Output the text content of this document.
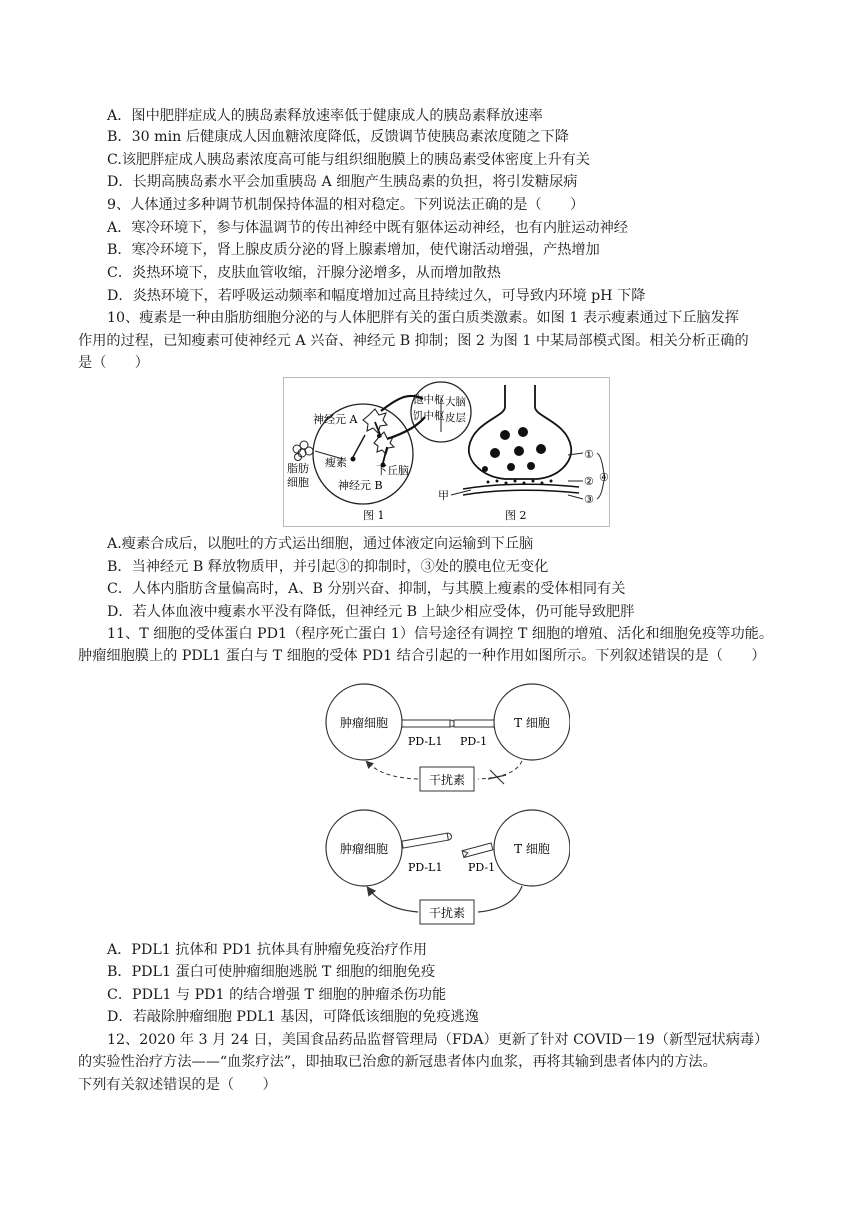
A．图中肥胖症成人的胰岛素释放速率低于健康成人的胰岛素释放速率
B．30 min 后健康成人因血糖浓度降低，反馈调节使胰岛素浓度随之下降
C.该肥胖症成人胰岛素浓度高可能与组织细胞膜上的胰岛素受体密度上升有关
D．长期高胰岛素水平会加重胰岛 A 细胞产生胰岛素的负担，将引发糖尿病
9、人体通过多种调节机制保持体温的相对稳定。下列说法正确的是（　　）
A．寒冷环境下，参与体温调节的传出神经中既有躯体运动神经，也有内脏运动神经
B．寒冷环境下，肾上腺皮质分泌的肾上腺素增加，使代谢活动增强，产热增加
C．炎热环境下，皮肤血管收缩，汗腺分泌增多，从而增加散热
D．炎热环境下，若呼吸运动频率和幅度增加过高且持续过久，可导致内环境 pH 下降
10、瘦素是一种由脂肪细胞分泌的与人体肥胖有关的蛋白质类激素。如图 1 表示瘦素通过下丘脑发挥
作用的过程，已知瘦素可使神经元 A 兴奋、神经元 B 抑制；图 2 为图 1 中某局部模式图。相关分析正确的
是（　　）
神经元 A
瘦素
下丘脑
神经元 B
脂肪
细胞
饱中枢
饥中枢
大脑
皮层
图 1
①
②
③
④
甲
图 2
A.瘦素合成后，以胞吐的方式运出细胞，通过体液定向运输到下丘脑
B．当神经元 B 释放物质甲，并引起③的抑制时，③处的膜电位无变化
C．人体内脂肪含量偏高时，A、B 分别兴奋、抑制，与其膜上瘦素的受体相同有关
D．若人体血液中瘦素水平没有降低，但神经元 B 上缺少相应受体，仍可能导致肥胖
11、T 细胞的受体蛋白 PD1（程序死亡蛋白 1）信号途径有调控 T 细胞的增殖、活化和细胞免疫等功能。
肿瘤细胞膜上的 PDL1 蛋白与 T 细胞的受体 PD1 结合引起的一种作用如图所示。下列叙述错误的是（　　）
肿瘤细胞	T 细胞
PD-L1 PD-1
干扰素
肿瘤细胞	T 细胞
PD-L1 PD-1
干扰素
A．PDL1 抗体和 PD1 抗体具有肿瘤免疫治疗作用
B．PDL1 蛋白可使肿瘤细胞逃脱 T 细胞的细胞免疫
C．PDL1 与 PD1 的结合增强 T 细胞的肿瘤杀伤功能
D．若敲除肿瘤细胞 PDL1 基因，可降低该细胞的免疫逃逸
12、2020 年 3 月 24 日，美国食品药品监督管理局（FDA）更新了针对 COVID－19（新型冠状病毒）
的实验性治疗方法——“血浆疗法”，即抽取已治愈的新冠患者体内血浆，再将其输到患者体内的方法。
下列有关叙述错误的是（　　）
